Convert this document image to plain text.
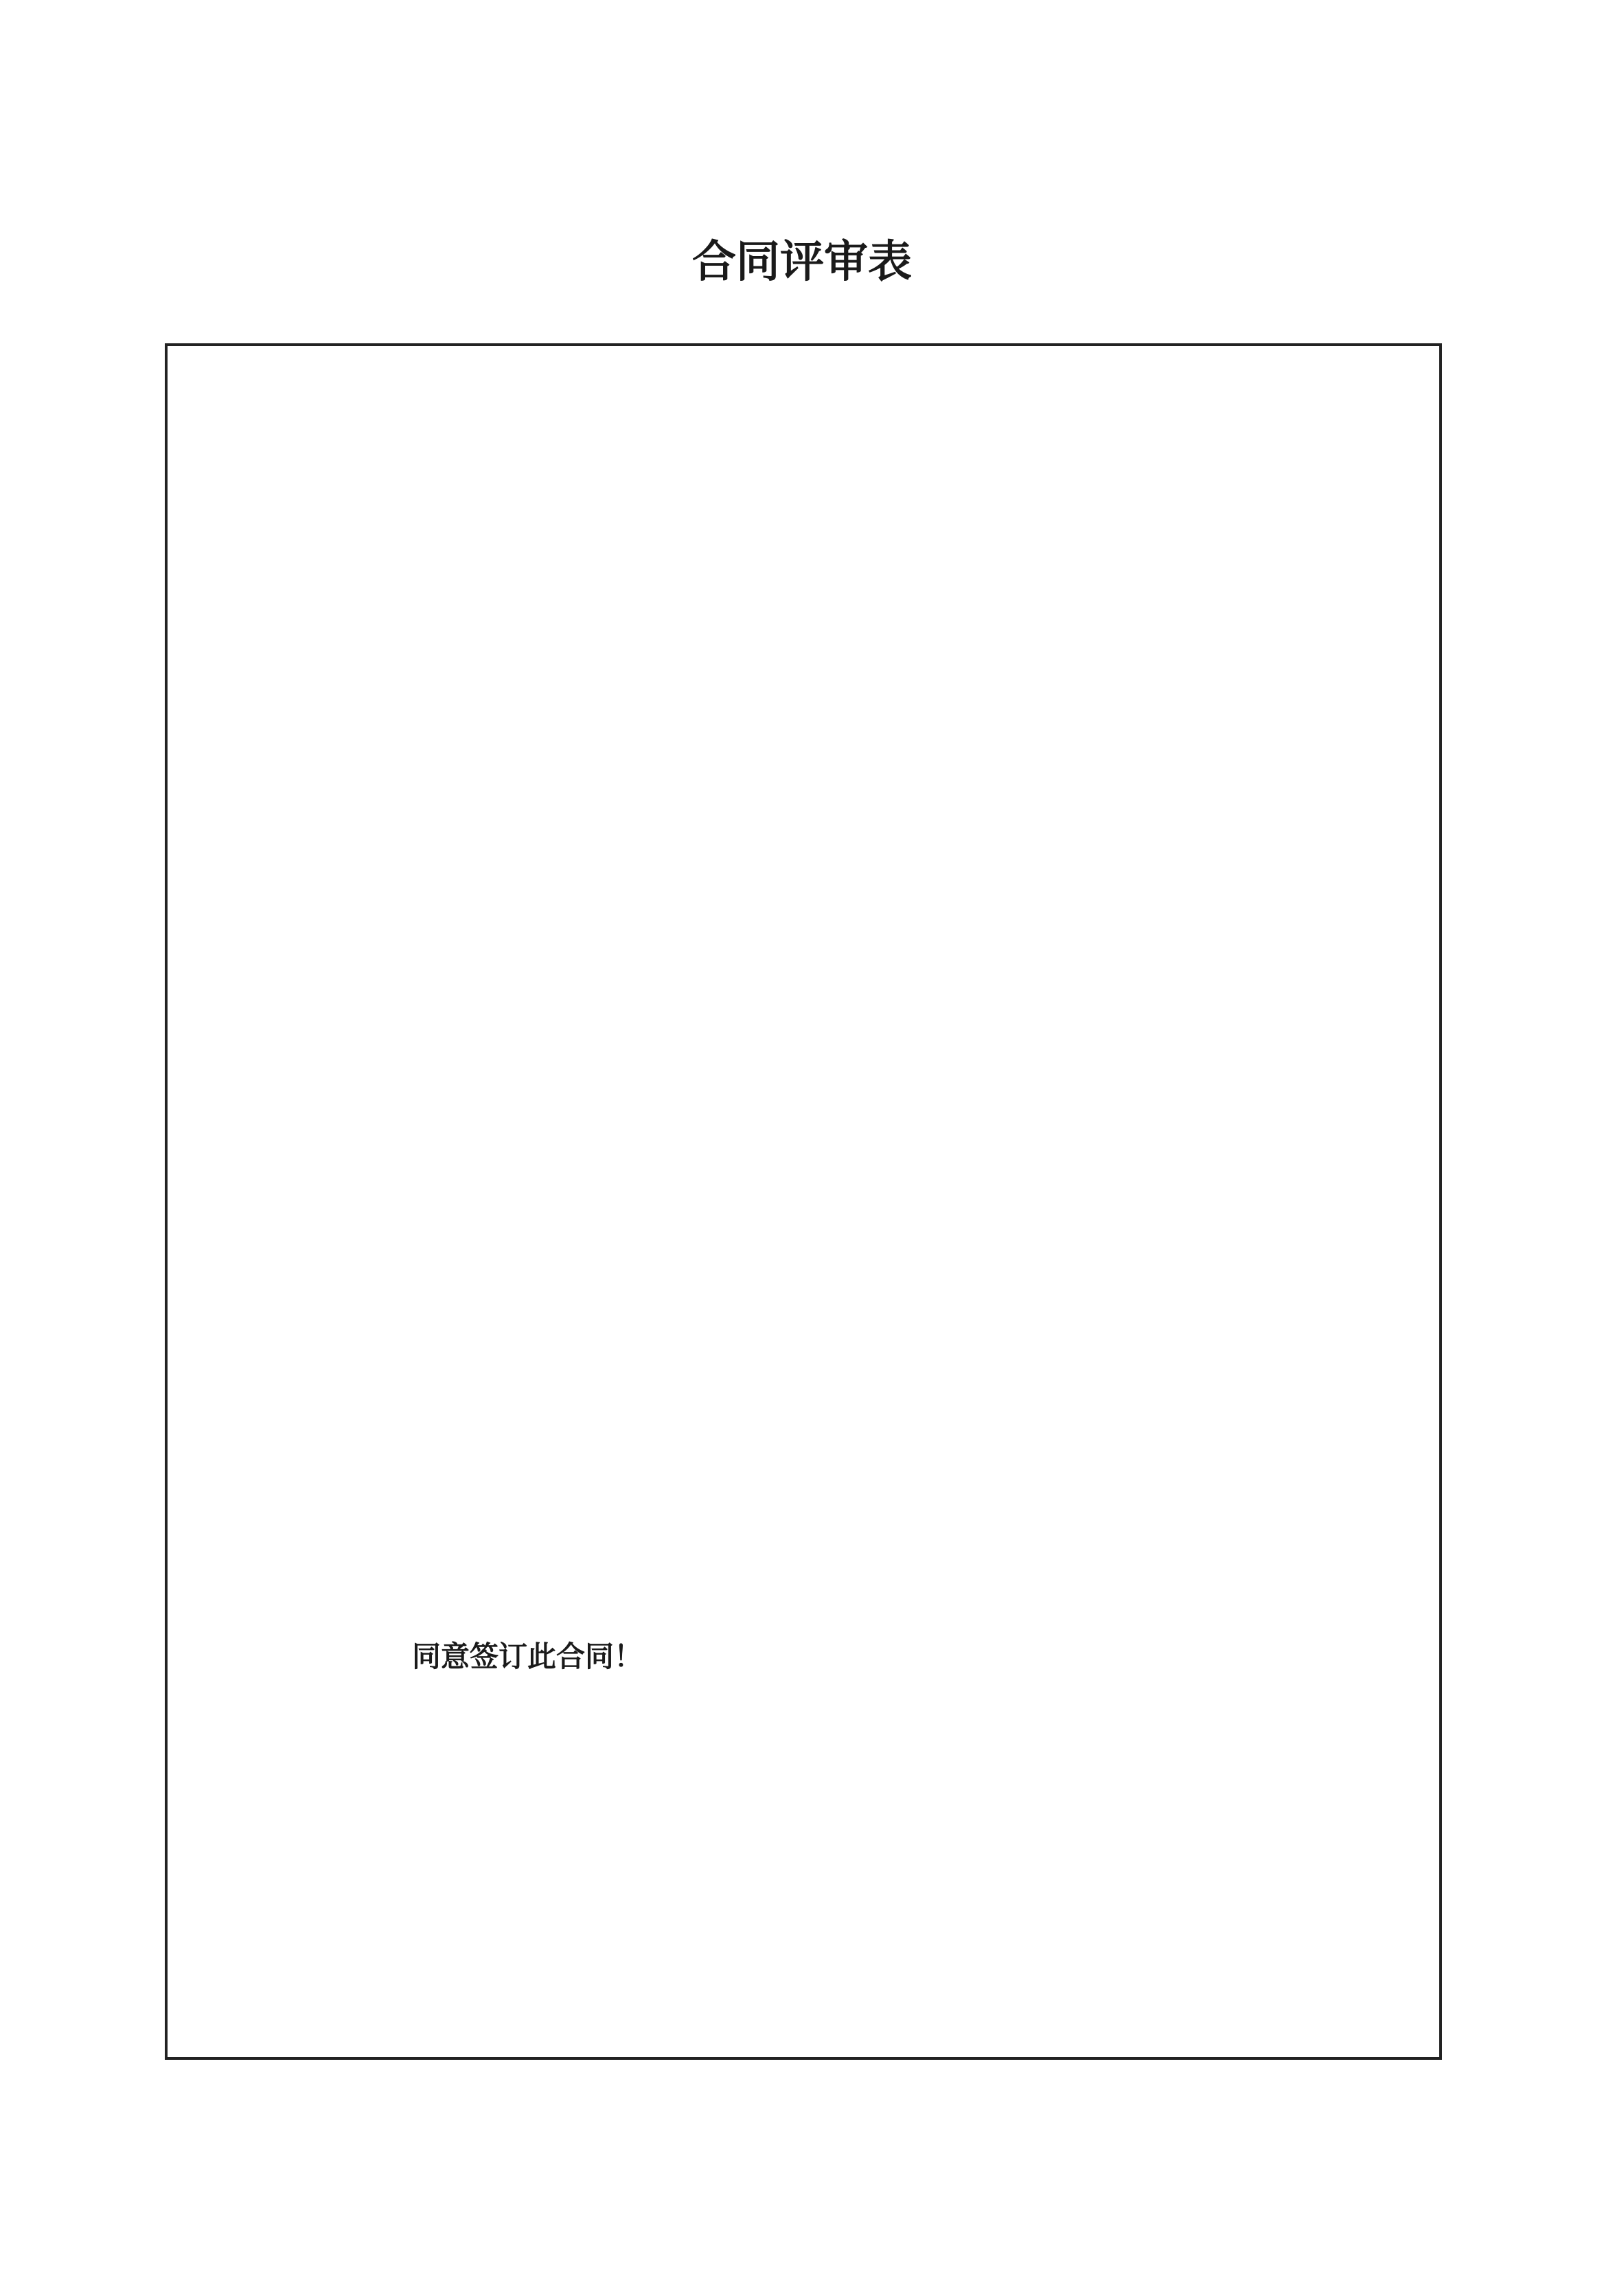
合同评审表
同意签订此合同！
